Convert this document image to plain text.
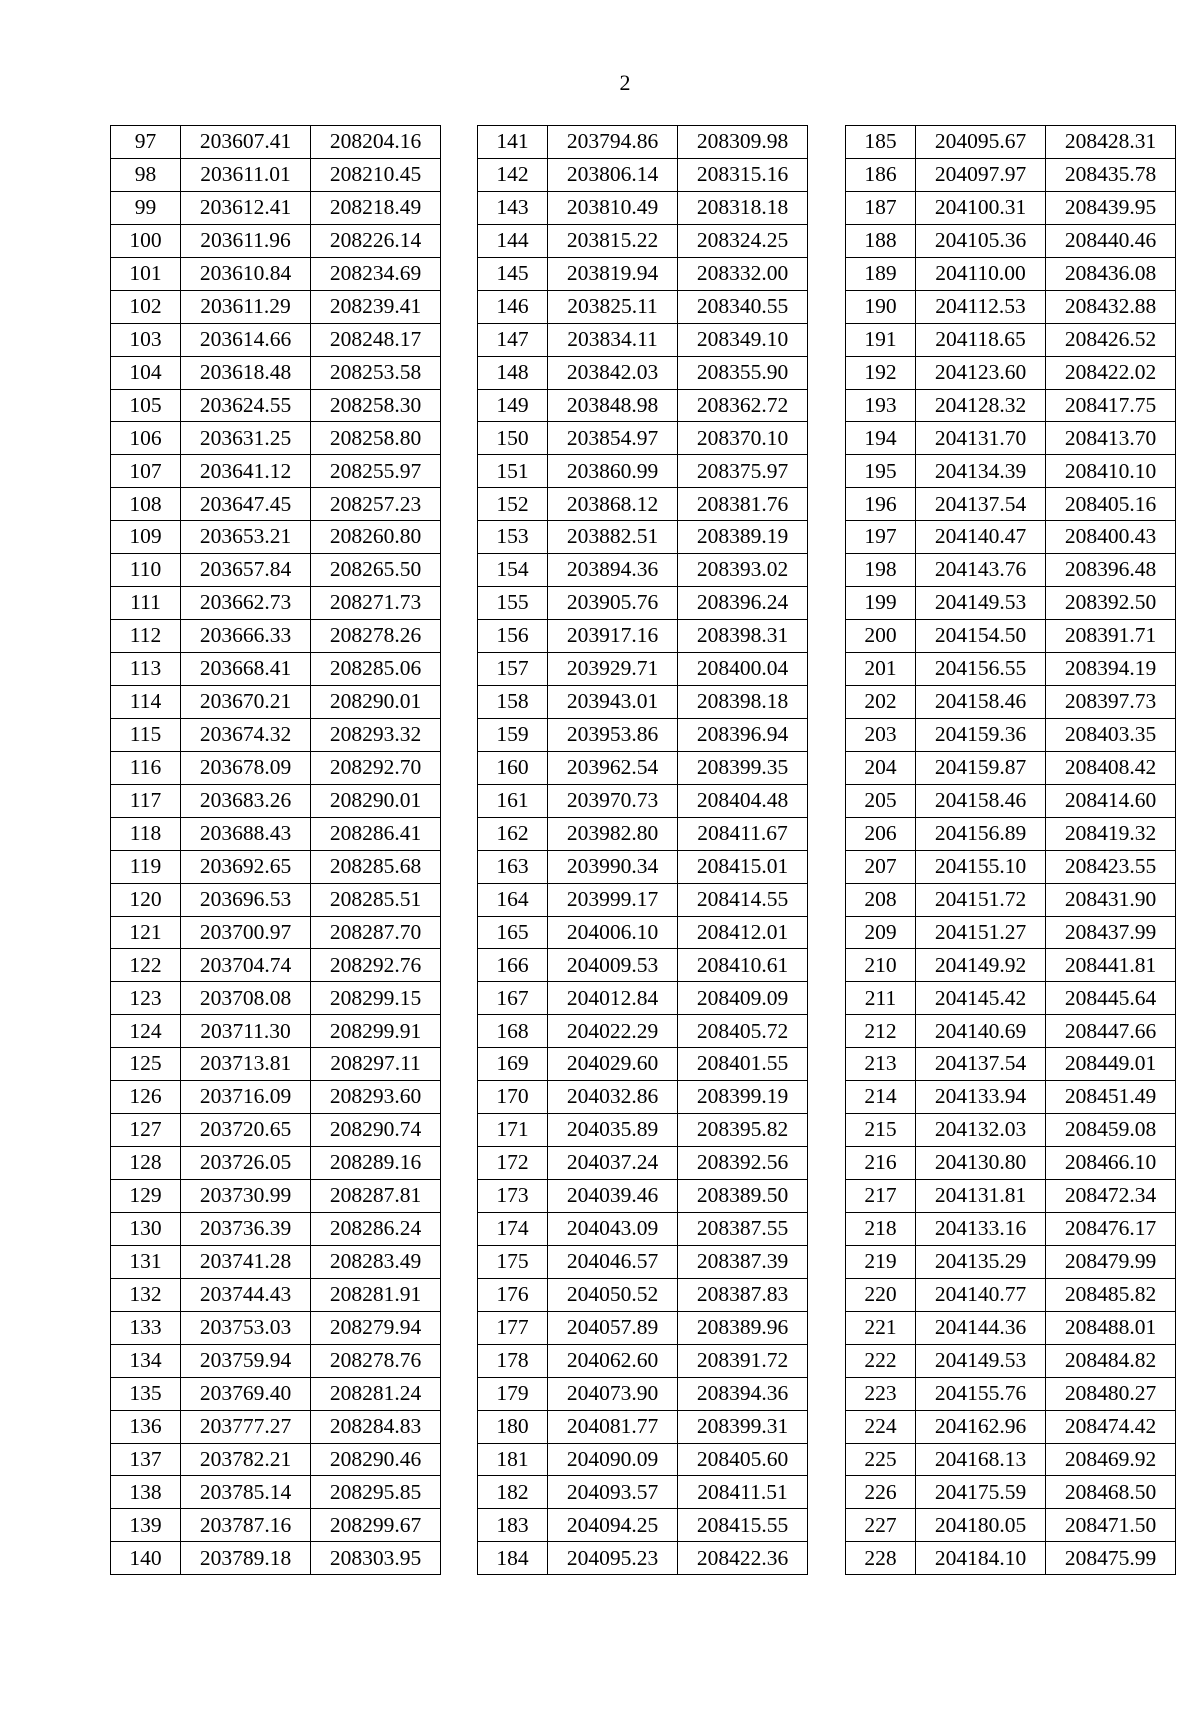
2
97	203607.41	208204.16
98	203611.01	208210.45
99	203612.41	208218.49
100	203611.96	208226.14
101	203610.84	208234.69
102	203611.29	208239.41
103	203614.66	208248.17
104	203618.48	208253.58
105	203624.55	208258.30
106	203631.25	208258.80
107	203641.12	208255.97
108	203647.45	208257.23
109	203653.21	208260.80
110	203657.84	208265.50
111	203662.73	208271.73
112	203666.33	208278.26
113	203668.41	208285.06
114	203670.21	208290.01
115	203674.32	208293.32
116	203678.09	208292.70
117	203683.26	208290.01
118	203688.43	208286.41
119	203692.65	208285.68
120	203696.53	208285.51
121	203700.97	208287.70
122	203704.74	208292.76
123	203708.08	208299.15
124	203711.30	208299.91
125	203713.81	208297.11
126	203716.09	208293.60
127	203720.65	208290.74
128	203726.05	208289.16
129	203730.99	208287.81
130	203736.39	208286.24
131	203741.28	208283.49
132	203744.43	208281.91
133	203753.03	208279.94
134	203759.94	208278.76
135	203769.40	208281.24
136	203777.27	208284.83
137	203782.21	208290.46
138	203785.14	208295.85
139	203787.16	208299.67
140	203789.18	208303.95
141	203794.86	208309.98
142	203806.14	208315.16
143	203810.49	208318.18
144	203815.22	208324.25
145	203819.94	208332.00
146	203825.11	208340.55
147	203834.11	208349.10
148	203842.03	208355.90
149	203848.98	208362.72
150	203854.97	208370.10
151	203860.99	208375.97
152	203868.12	208381.76
153	203882.51	208389.19
154	203894.36	208393.02
155	203905.76	208396.24
156	203917.16	208398.31
157	203929.71	208400.04
158	203943.01	208398.18
159	203953.86	208396.94
160	203962.54	208399.35
161	203970.73	208404.48
162	203982.80	208411.67
163	203990.34	208415.01
164	203999.17	208414.55
165	204006.10	208412.01
166	204009.53	208410.61
167	204012.84	208409.09
168	204022.29	208405.72
169	204029.60	208401.55
170	204032.86	208399.19
171	204035.89	208395.82
172	204037.24	208392.56
173	204039.46	208389.50
174	204043.09	208387.55
175	204046.57	208387.39
176	204050.52	208387.83
177	204057.89	208389.96
178	204062.60	208391.72
179	204073.90	208394.36
180	204081.77	208399.31
181	204090.09	208405.60
182	204093.57	208411.51
183	204094.25	208415.55
184	204095.23	208422.36
185	204095.67	208428.31
186	204097.97	208435.78
187	204100.31	208439.95
188	204105.36	208440.46
189	204110.00	208436.08
190	204112.53	208432.88
191	204118.65	208426.52
192	204123.60	208422.02
193	204128.32	208417.75
194	204131.70	208413.70
195	204134.39	208410.10
196	204137.54	208405.16
197	204140.47	208400.43
198	204143.76	208396.48
199	204149.53	208392.50
200	204154.50	208391.71
201	204156.55	208394.19
202	204158.46	208397.73
203	204159.36	208403.35
204	204159.87	208408.42
205	204158.46	208414.60
206	204156.89	208419.32
207	204155.10	208423.55
208	204151.72	208431.90
209	204151.27	208437.99
210	204149.92	208441.81
211	204145.42	208445.64
212	204140.69	208447.66
213	204137.54	208449.01
214	204133.94	208451.49
215	204132.03	208459.08
216	204130.80	208466.10
217	204131.81	208472.34
218	204133.16	208476.17
219	204135.29	208479.99
220	204140.77	208485.82
221	204144.36	208488.01
222	204149.53	208484.82
223	204155.76	208480.27
224	204162.96	208474.42
225	204168.13	208469.92
226	204175.59	208468.50
227	204180.05	208471.50
228	204184.10	208475.99
